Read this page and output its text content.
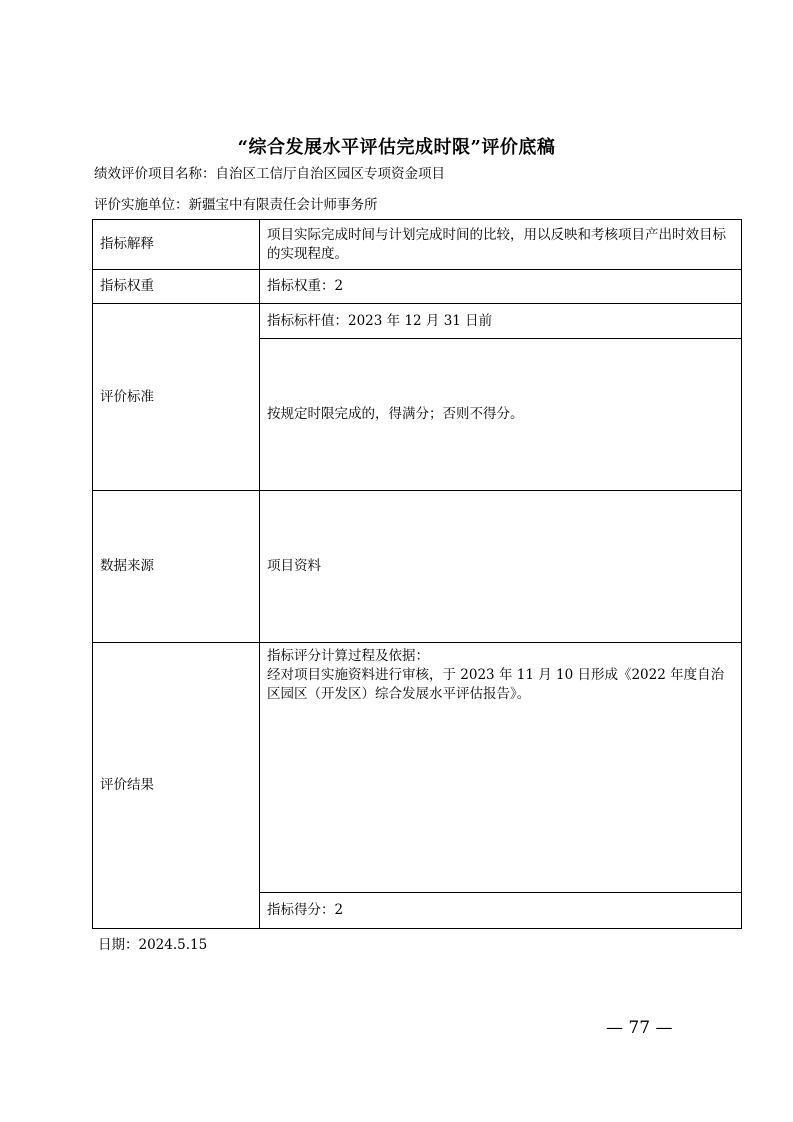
“综合发展水平评估完成时限”评价底稿
绩效评价项目名称：自治区工信厅自治区园区专项资金项目
评价实施单位：新疆宝中有限责任会计师事务所
指标解释	项目实际完成时间与计划完成时间的比较，用以反映和考核项目产出时效目标的实现程度。
指标权重	指标权重：2
评价标准	指标标杆值：2023 年 12 月 31 日前
	按规定时限完成的，得满分；否则不得分。
数据来源	项目资料
评价结果	指标评分计算过程及依据：
经对项目实施资料进行审核，于 2023 年 11 月 10 日形成《2022 年度自治区园区（开发区）综合发展水平评估报告》。

	指标得分：2
日期：2024.5.15
— 77 —
